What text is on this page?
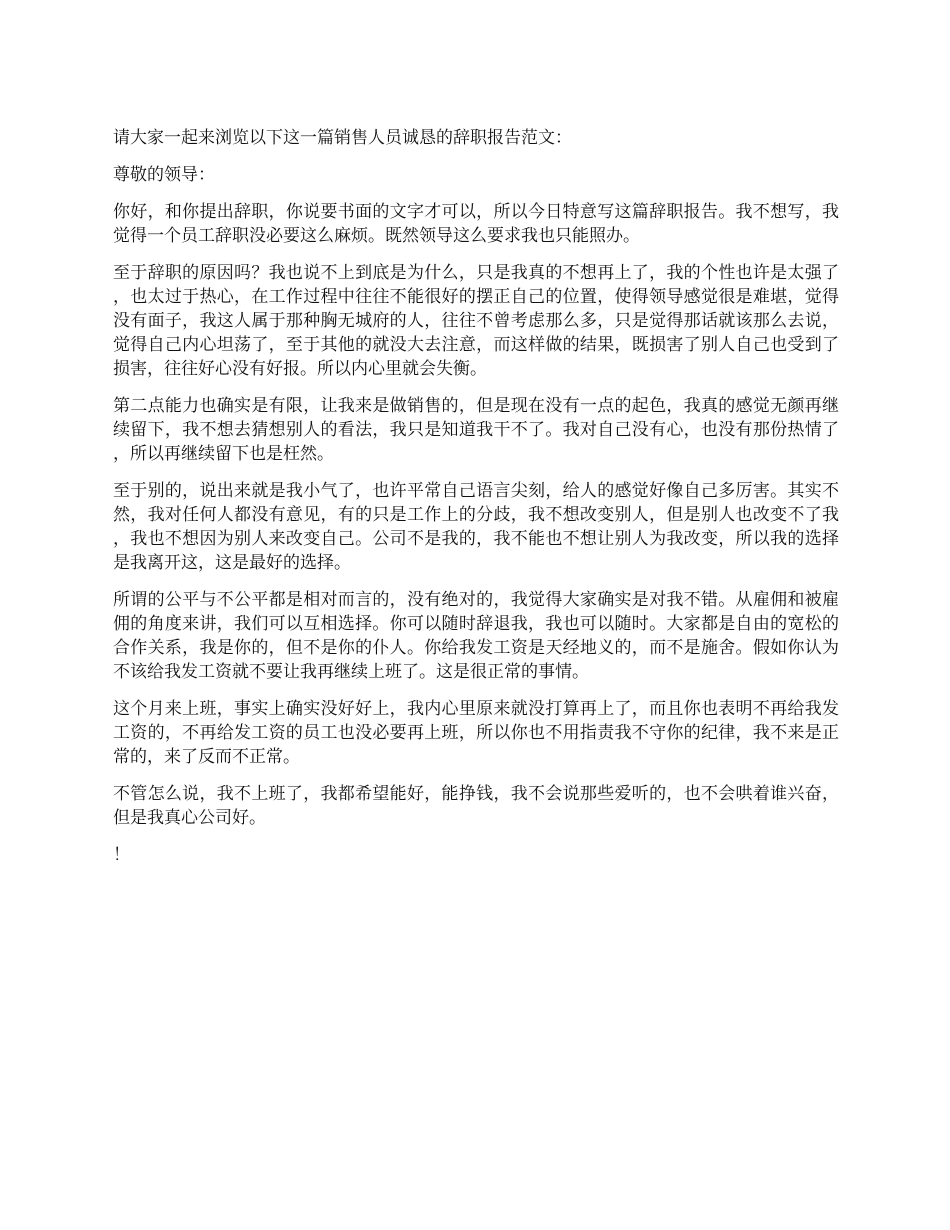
请大家一起来浏览以下这一篇销售人员诚恳的辞职报告范文：

尊敬的领导：

你好，和你提出辞职，你说要书面的文字才可以，所以今日特意写这篇辞职报告。我不想写，我觉得一个员工辞职没必要这么麻烦。既然领导这么要求我也只能照办。

至于辞职的原因吗？我也说不上到底是为什么，只是我真的不想再上了，我的个性也许是太强了，也太过于热心，在工作过程中往往不能很好的摆正自己的位置，使得领导感觉很是难堪，觉得没有面子，我这人属于那种胸无城府的人，往往不曾考虑那么多，只是觉得那话就该那么去说，觉得自己内心坦荡了，至于其他的就没大去注意，而这样做的结果，既损害了别人自己也受到了损害，往往好心没有好报。所以内心里就会失衡。

第二点能力也确实是有限，让我来是做销售的，但是现在没有一点的起色，我真的感觉无颜再继续留下，我不想去猜想别人的看法，我只是知道我干不了。我对自己没有心，也没有那份热情了，所以再继续留下也是枉然。

至于别的，说出来就是我小气了，也许平常自己语言尖刻，给人的感觉好像自己多厉害。其实不然，我对任何人都没有意见，有的只是工作上的分歧，我不想改变别人，但是别人也改变不了我，我也不想因为别人来改变自己。公司不是我的，我不能也不想让别人为我改变，所以我的选择是我离开这，这是最好的选择。

所谓的公平与不公平都是相对而言的，没有绝对的，我觉得大家确实是对我不错。从雇佣和被雇佣的角度来讲，我们可以互相选择。你可以随时辞退我，我也可以随时。大家都是自由的宽松的合作关系，我是你的，但不是你的仆人。你给我发工资是天经地义的，而不是施舍。假如你认为不该给我发工资就不要让我再继续上班了。这是很正常的事情。

这个月来上班，事实上确实没好好上，我内心里原来就没打算再上了，而且你也表明不再给我发工资的，不再给发工资的员工也没必要再上班，所以你也不用指责我不守你的纪律，我不来是正常的，来了反而不正常。

不管怎么说，我不上班了，我都希望能好，能挣钱，我不会说那些爱听的，也不会哄着谁兴奋，但是我真心公司好。

！
